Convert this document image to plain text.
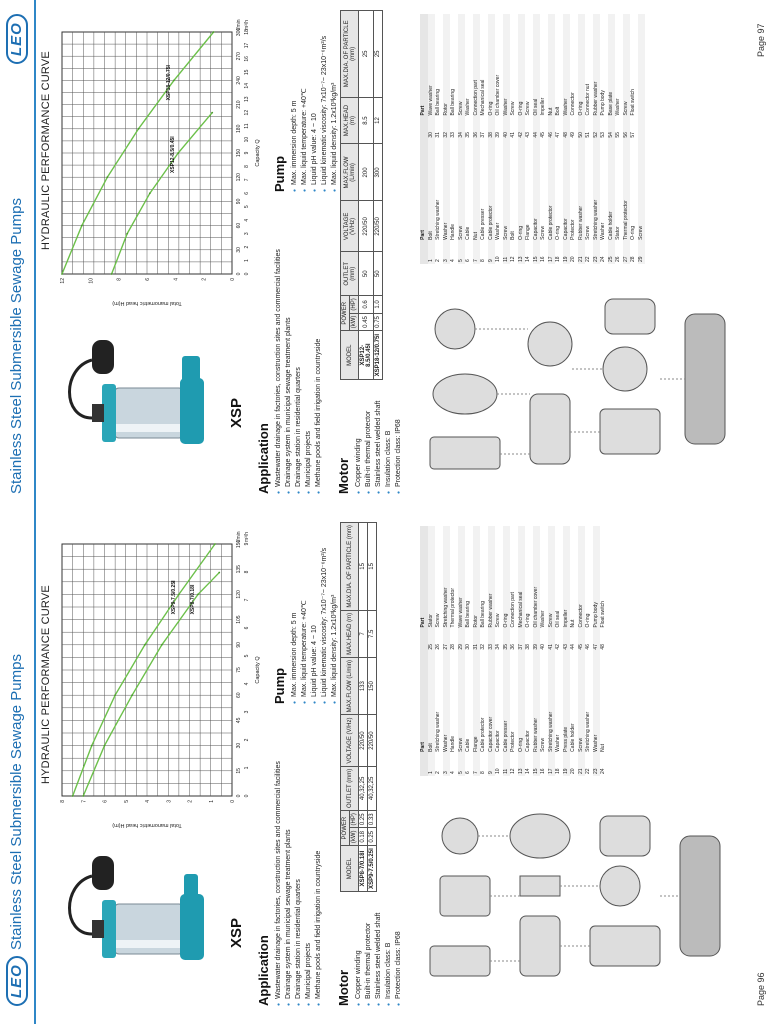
LEO
Stainless Steel Submersible Sewage Pumps	XSP
HYDRAULIC PERFORMANCE CURVE
0
1
2
3
4
5
6
7
8
0
15
30
45
60
75
90
105
120
135
150
0
1
2
3
4
5
6
7
8
9
l/min m³/h
Capacity Q
Total manometric head H(m)
XSP9-7.5/0.25I	XSP8-7/0.18I
Application ● Wastewater drainage in factories, construction sites and commercial facilities ● Drainage system in municipal sewage treatment plants ● Drainage station in residential quarters ● Municipal projects ● Methane pools and field irrigation in countryside
Pump ● Max. immersion depth: 5 m ● Max. liquid temperature: +40℃ ● Liquid pH value: 4 ~ 10 ● Liquid kinematic viscosity: 7x10⁻⁷~ 23x10⁻⁶m²/s ● Max. liquid density: 1.2x10³kg/m³
Motor ● Copper winding ● Built-in thermal protector ● Stainless steel welded shaft ● Insulation class: B ● Protection class: IP68
MODEL	POWER		OUTLET (mm)	VOLTAGE (V/Hz)	MAX.FLOW (L/min)	MAX.HEAD (m)	MAX.DIA. OF PARTICLE (mm)
	(kW)	(HP)					
XSP8-7/0.18I	0.18	0.25	40,32,25	220/50	133	7	15
XSP9-7.5/0.25I	0.25	0.33	40,32,25	220/50	150	7.5	15
	Part		Part
1	Bolt	25	Stator
2	Stretching washer	26	Screw
3	Washer	27	Stretching washer
4	Handle	28	Thermal protector
5	Screw	29	Wave washer
6	Cable	30	Ball bearing
7	Flange	31	Rotor
8	Cable protector	32	Ball bearing
9	Capacitor cover	33	Rubber washer
10	Capacitor	34	Screw
11	Cable presser	35	O-ring
12	Protector	36	Connection part
13	O-ring	37	Mechanical seal
14	Capacitor	38	O-ring
15	Rubber washer	39	Oil chamber cover
16	Screw	40	Washer
17	Stretching washer	41	Screw
18	Washer	42	Oil seal
19	Press plate	43	Impeller
20	Cable holder	44	Nut
21	Screw	45	Connector
22	Stretching washer	46	O-ring
23	Washer	47	Pump body
24	Nut	48	Float switch
Page 96
Stainless Steel Submersible Sewage Pumps
LEO
XSP
HYDRAULIC PERFORMANCE CURVE
0
2
4
6
8
10
12
0
30
60
90
120
150
180
210
240
270
300
0
1
2
3
4
5
6
7
8
9
10
11
12
13
14
15
16
17
18
l/min m³/h
Capacity Q
Total manometric head H(m)
XSP18-12/0.75I
XSP12-8.5/0.45I
Application ● Wastewater drainage in factories, construction sites and commercial facilities ● Drainage system in municipal sewage treatment plants ● Drainage station in residential quarters ● Municipal projects ● Methane pools and field irrigation in countryside
Pump ● Max. immersion depth: 5 m ● Max. liquid temperature: +40℃ ● Liquid pH value: 4 ~ 10 ● Liquid kinematic viscosity: 7x10⁻⁷~ 23x10⁻⁶m²/s ● Max. liquid density: 1.2x10³kg/m³
Motor ● Copper winding ● Built-in thermal protector ● Stainless steel welded shaft ● Insulation class: B ● Protection class: IP68
MODEL	POWER		OUTLET (mm)	VOLTAGE (V/Hz)	MAX.FLOW (L/min)	MAX.HEAD (m)	MAX.DIA. OF PARTICLE (mm)
	(kW)	(HP)					
XSP12-8.5/0.45I	0.45	0.6	50	220/50	200	8.5	25
XSP18-12/0.75I	0.75	1.0	50	220/50	300	12	25
	Part		Part
1	Bolt	30	Wave washer
2	Stretching washer	31	Ball bearing
3	Washer	32	Rotor
4	Handle	33	Ball bearing
5	Screw	34	Screw
6	Cable	35	Washer
7	Nut	36	Connection part
8	Cable presser	37	Mechanical seal
9	Cable protector	38	O-ring
10	Washer	39	Oil chamber cover
11	Screw	40	Washer
12	Bolt	41	Screw
13	O-ring	42	O-ring
14	Flange	43	Screw
15	Capacitor	44	Oil seal
16	Screw	45	Impeller
17	Cable protector	46	Nut
18	O-ring	47	Bolt
19	Capacitor	48	Washer
20	Protector	49	Connector
21	Rubber washer	50	O-ring
22	Screw	51	Connector nut
23	Stretching washer	52	Rubber washer
24	Washer	53	Pump body
25	Cable holder	54	Base plate
26	Stator	55	Washer
27	Thermal protector	56	Screw
28	O-ring	57	Float switch
29	Screw		
Page 97
